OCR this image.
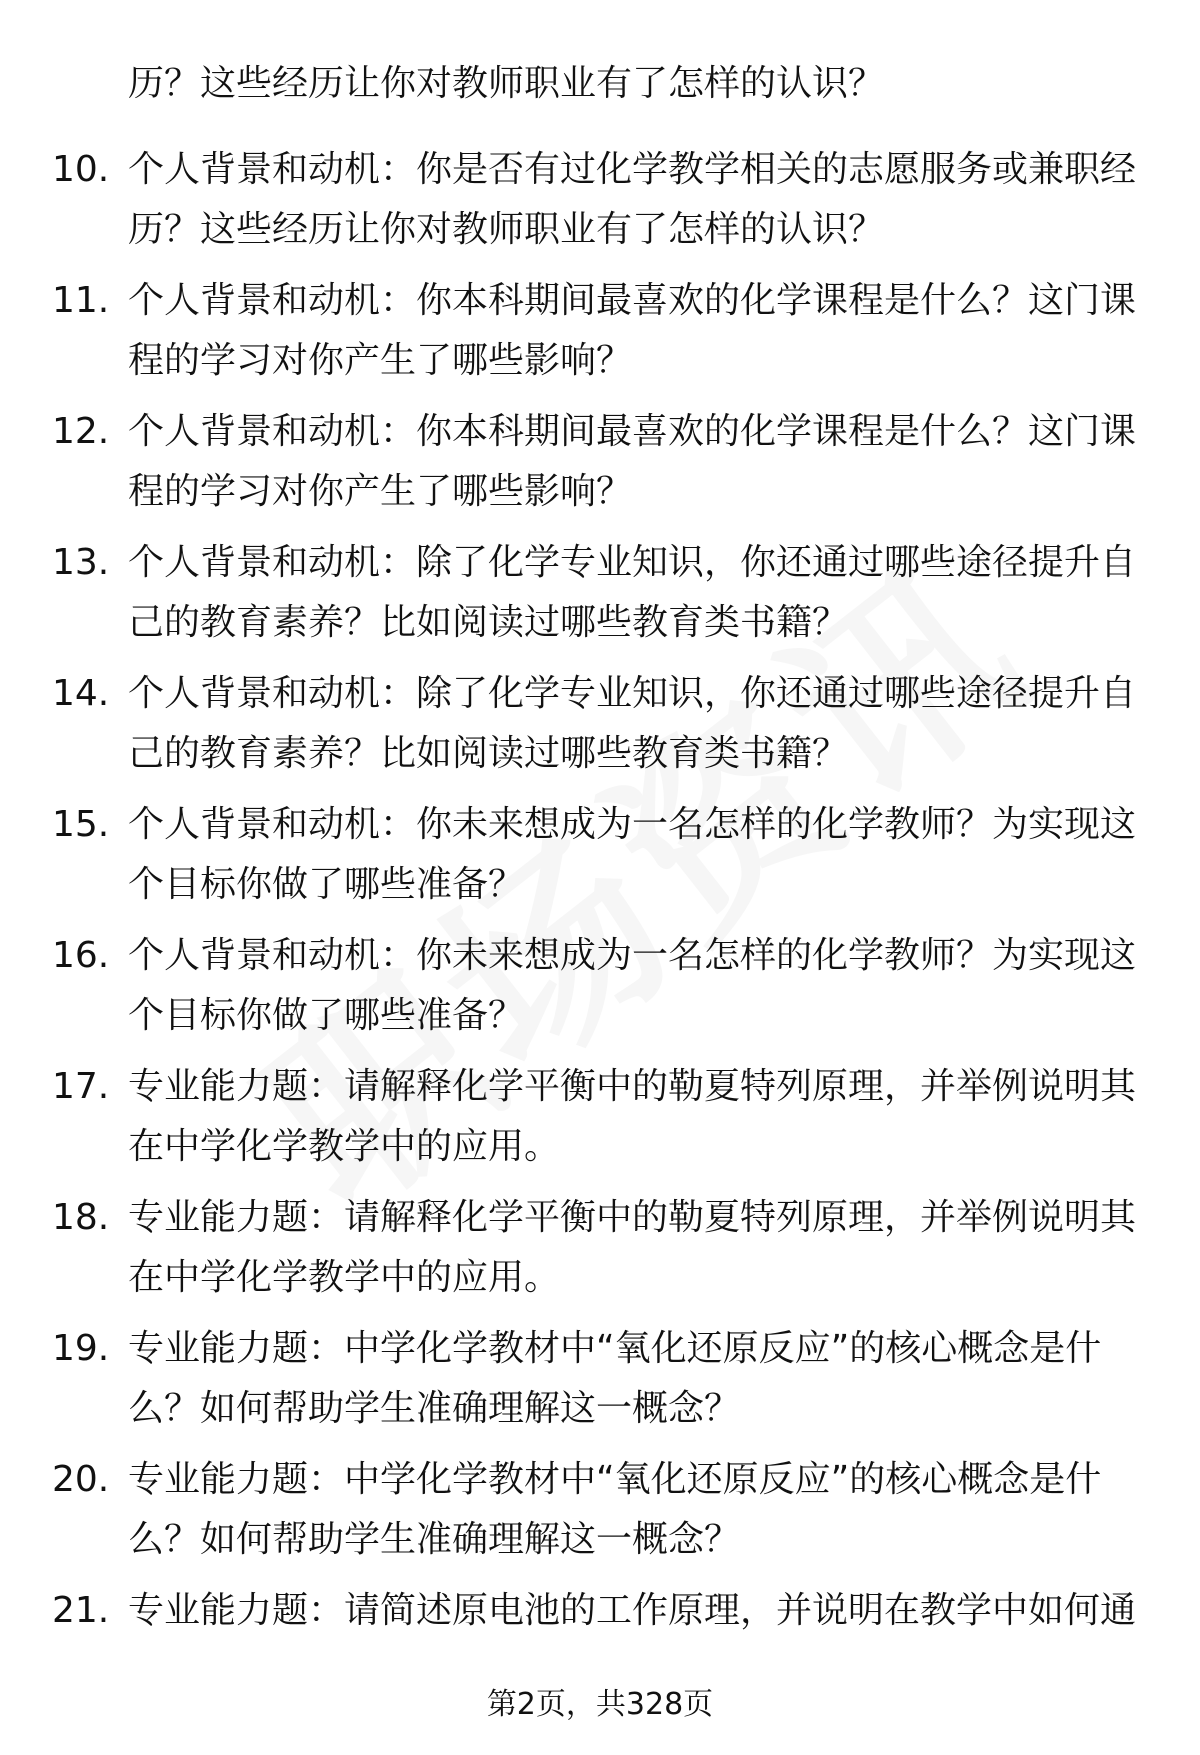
历？这些经历让你对教师职业有了怎样的认识？
10. 个人背景和动机：你是否有过化学教学相关的志愿服务或兼职经
历？这些经历让你对教师职业有了怎样的认识？
11. 个人背景和动机：你本科期间最喜欢的化学课程是什么？这门课
程的学习对你产生了哪些影响？
12. 个人背景和动机：你本科期间最喜欢的化学课程是什么？这门课
程的学习对你产生了哪些影响？
13. 个人背景和动机：除了化学专业知识，你还通过哪些途径提升自
己的教育素养？比如阅读过哪些教育类书籍？
14. 个人背景和动机：除了化学专业知识，你还通过哪些途径提升自
己的教育素养？比如阅读过哪些教育类书籍？
15. 个人背景和动机：你未来想成为一名怎样的化学教师？为实现这
个目标你做了哪些准备？
16. 个人背景和动机：你未来想成为一名怎样的化学教师？为实现这
个目标你做了哪些准备？
17. 专业能力题：请解释化学平衡中的勒夏特列原理，并举例说明其
在中学化学教学中的应用。
18. 专业能力题：请解释化学平衡中的勒夏特列原理，并举例说明其
在中学化学教学中的应用。
19. 专业能力题：中学化学教材中“氧化还原反应”的核心概念是什
么？如何帮助学生准确理解这一概念？
20. 专业能力题：中学化学教材中“氧化还原反应”的核心概念是什
么？如何帮助学生准确理解这一概念？
21. 专业能力题：请简述原电池的工作原理，并说明在教学中如何通
第2页，共328页
